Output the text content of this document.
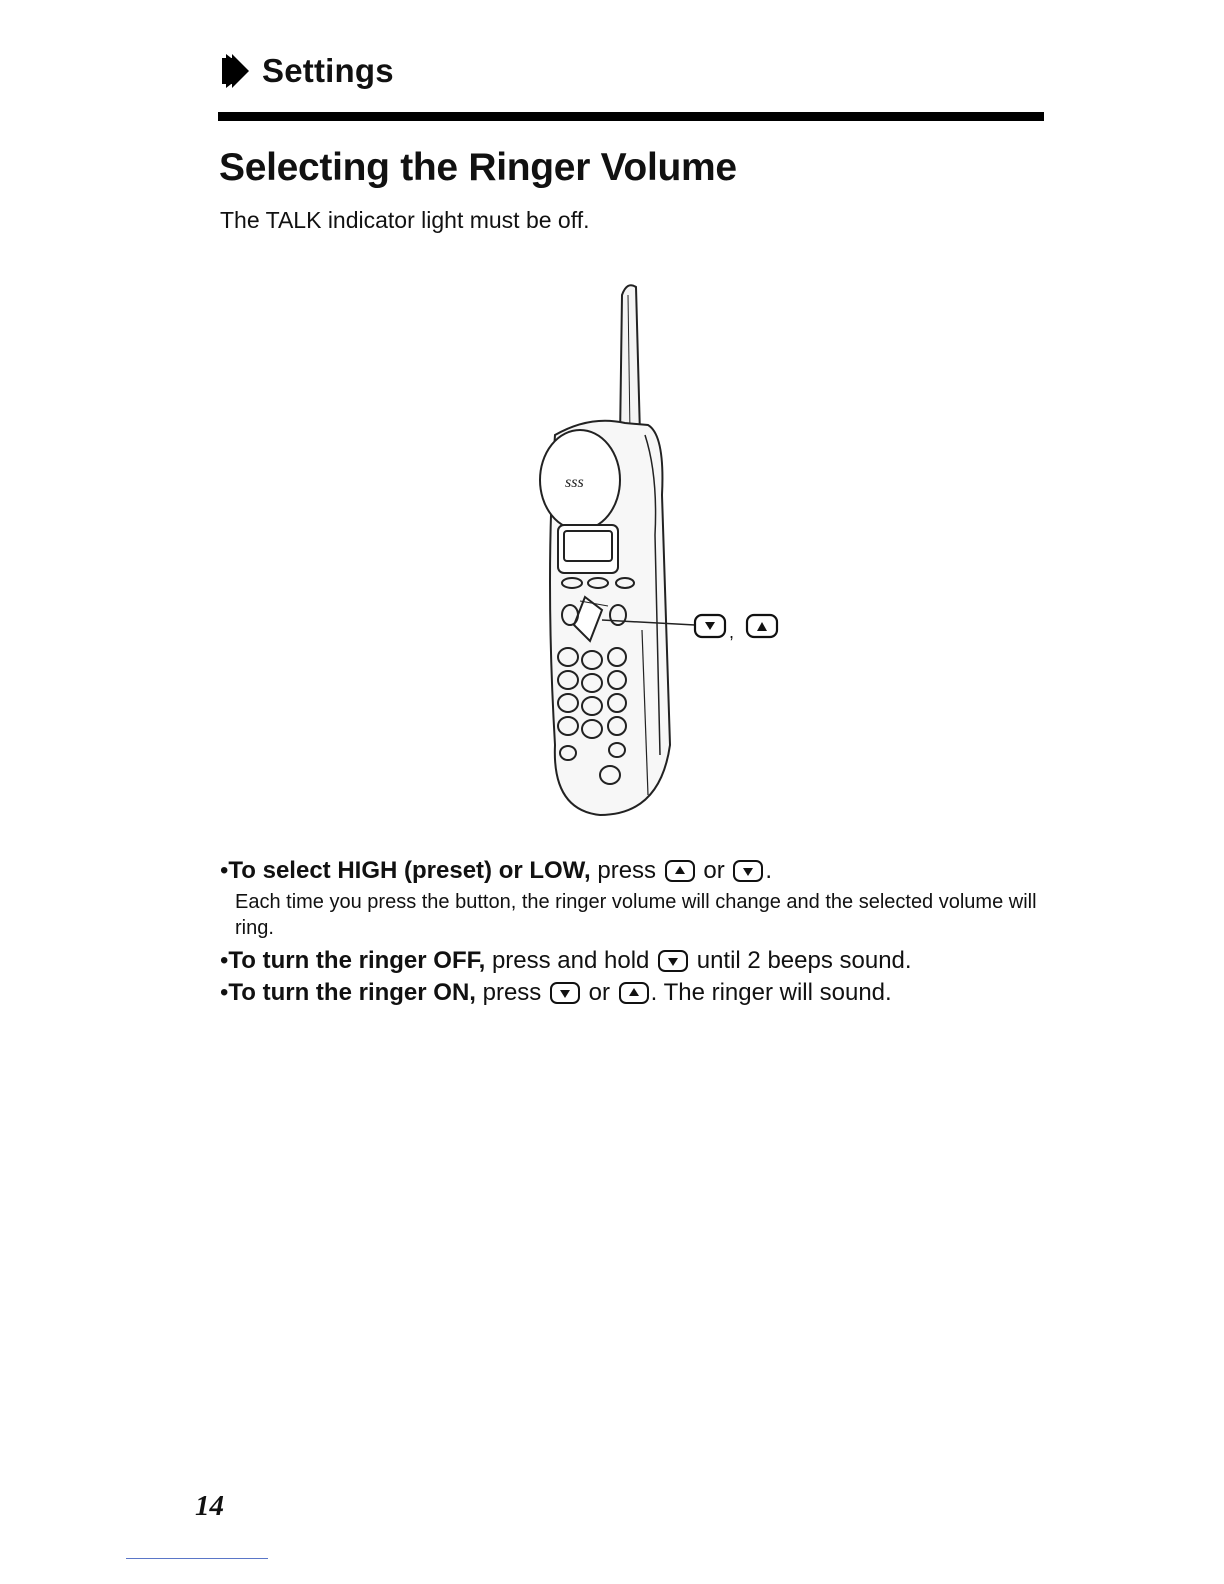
Settings
Selecting the Ringer Volume
The TALK indicator light must be off.
sss
,
•To select HIGH (preset) or LOW, press  or .
Each time you press the button, the ringer volume will change and the selected volume will ring.
•To turn the ringer OFF, press and hold  until 2 beeps sound.
•To turn the ringer ON, press  or . The ringer will sound.
14
